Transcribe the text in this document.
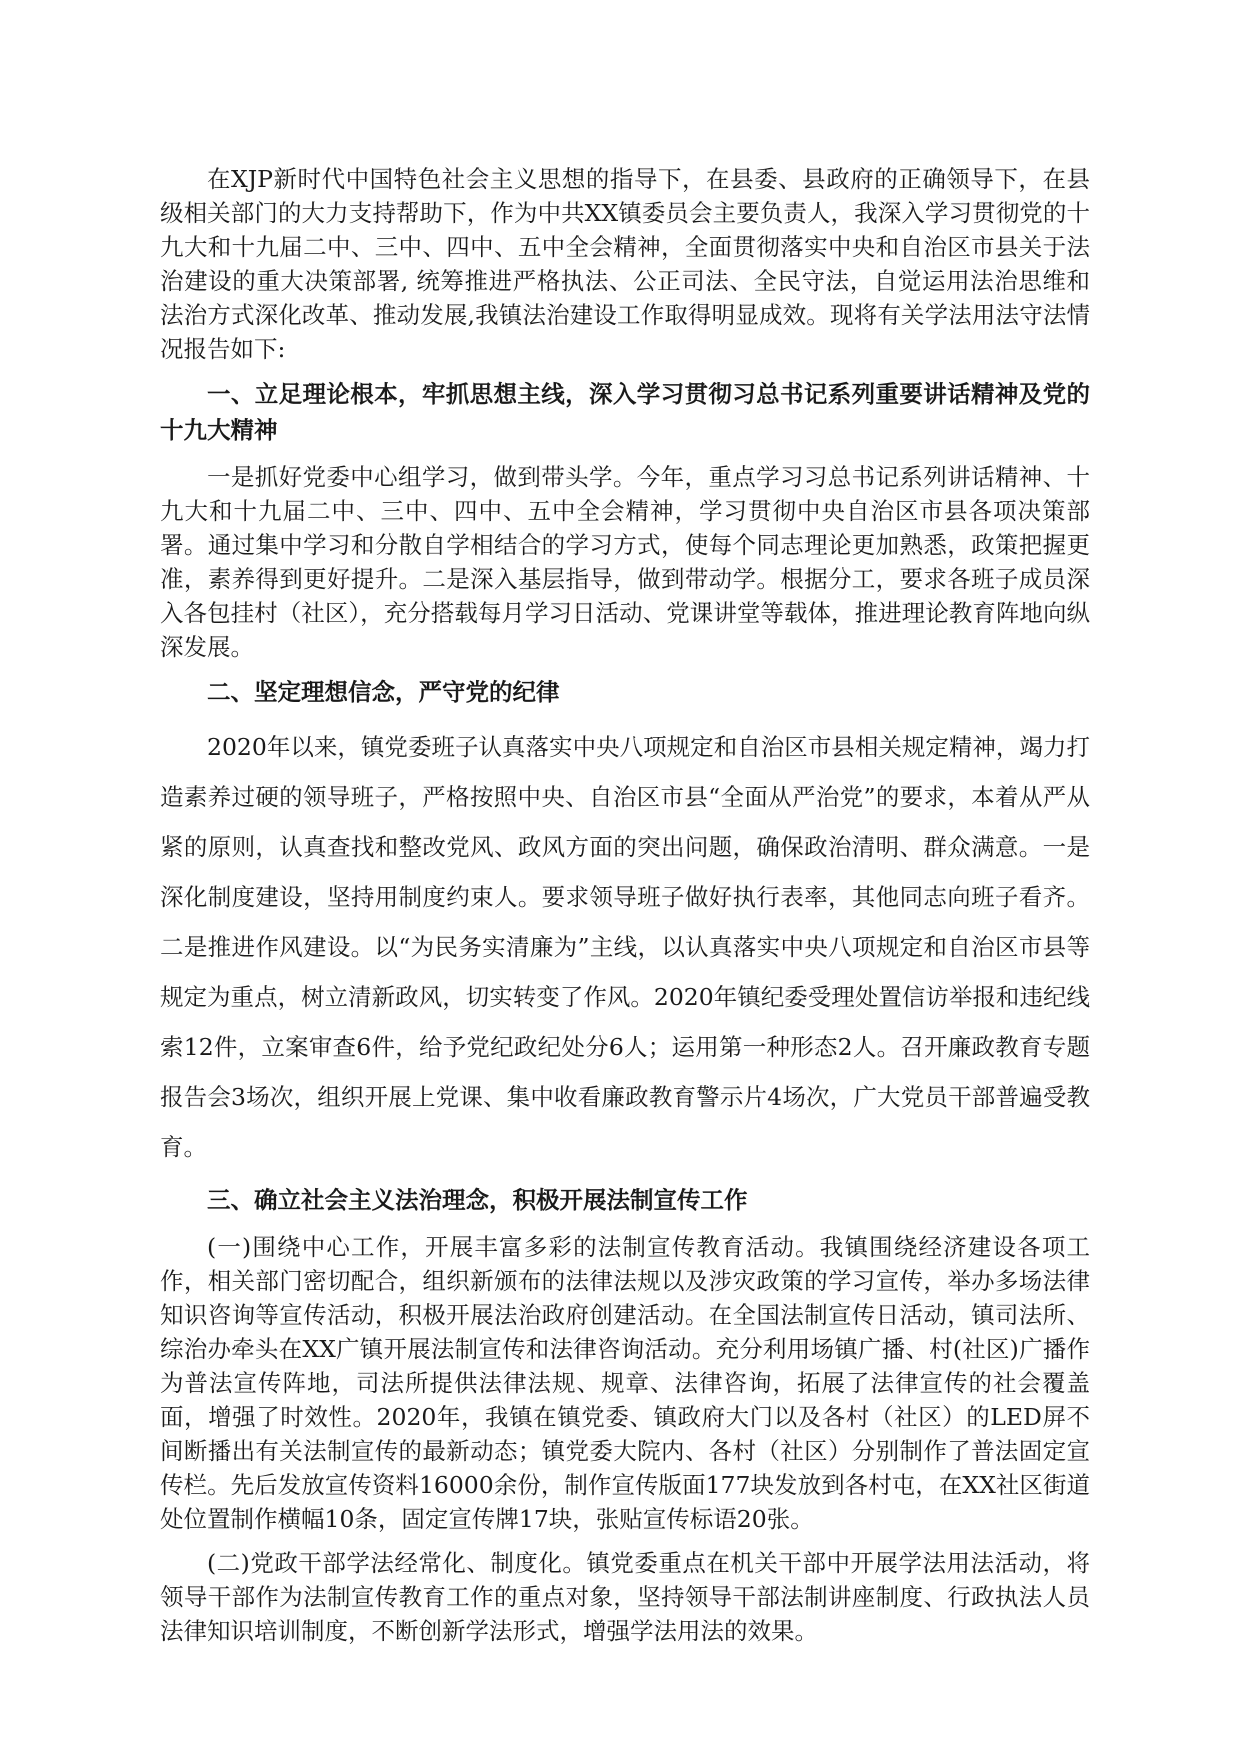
在XJP新时代中国特色社会主义思想的指导下，在县委、县政府的正确领导下，在县级相关部门的大力支持帮助下，作为中共XX镇委员会主要负责人，我深入学习贯彻党的十九大和十九届二中、三中、四中、五中全会精神，全面贯彻落实中央和自治区市县关于法治建设的重大决策部署, 统筹推进严格执法、公正司法、全民守法，自觉运用法治思维和法治方式深化改革、推动发展,我镇法治建设工作取得明显成效。现将有关学法用法守法情况报告如下:

一、立足理论根本，牢抓思想主线，深入学习贯彻习总书记系列重要讲话精神及党的十九大精神

一是抓好党委中心组学习，做到带头学。今年，重点学习习总书记系列讲话精神、十九大和十九届二中、三中、四中、五中全会精神，学习贯彻中央自治区市县各项决策部署。通过集中学习和分散自学相结合的学习方式，使每个同志理论更加熟悉，政策把握更准，素养得到更好提升。二是深入基层指导，做到带动学。根据分工，要求各班子成员深入各包挂村（社区），充分搭载每月学习日活动、党课讲堂等载体，推进理论教育阵地向纵深发展。

二、坚定理想信念，严守党的纪律

2020年以来，镇党委班子认真落实中央八项规定和自治区市县相关规定精神，竭力打造素养过硬的领导班子，严格按照中央、自治区市县“全面从严治党”的要求，本着从严从紧的原则，认真查找和整改党风、政风方面的突出问题，确保政治清明、群众满意。一是深化制度建设，坚持用制度约束人。要求领导班子做好执行表率，其他同志向班子看齐。二是推进作风建设。以“为民务实清廉为”主线，以认真落实中央八项规定和自治区市县等规定为重点，树立清新政风，切实转变了作风。2020年镇纪委受理处置信访举报和违纪线索12件，立案审查6件，给予党纪政纪处分6人；运用第一种形态2人。召开廉政教育专题报告会3场次，组织开展上党课、集中收看廉政教育警示片4场次，广大党员干部普遍受教育。

三、确立社会主义法治理念，积极开展法制宣传工作

(一)围绕中心工作，开展丰富多彩的法制宣传教育活动。我镇围绕经济建设各项工作，相关部门密切配合，组织新颁布的法律法规以及涉灾政策的学习宣传，举办多场法律知识咨询等宣传活动，积极开展法治政府创建活动。在全国法制宣传日活动，镇司法所、综治办牵头在XX广镇开展法制宣传和法律咨询活动。充分利用场镇广播、村(社区)广播作为普法宣传阵地，司法所提供法律法规、规章、法律咨询，拓展了法律宣传的社会覆盖面，增强了时效性。2020年，我镇在镇党委、镇政府大门以及各村（社区）的LED屏不间断播出有关法制宣传的最新动态；镇党委大院内、各村（社区）分别制作了普法固定宣传栏。先后发放宣传资料16000余份，制作宣传版面177块发放到各村屯，在XX社区街道处位置制作横幅10条，固定宣传牌17块，张贴宣传标语20张。

(二)党政干部学法经常化、制度化。镇党委重点在机关干部中开展学法用法活动，将领导干部作为法制宣传教育工作的重点对象，坚持领导干部法制讲座制度、行政执法人员法律知识培训制度，不断创新学法形式，增强学法用法的效果。
